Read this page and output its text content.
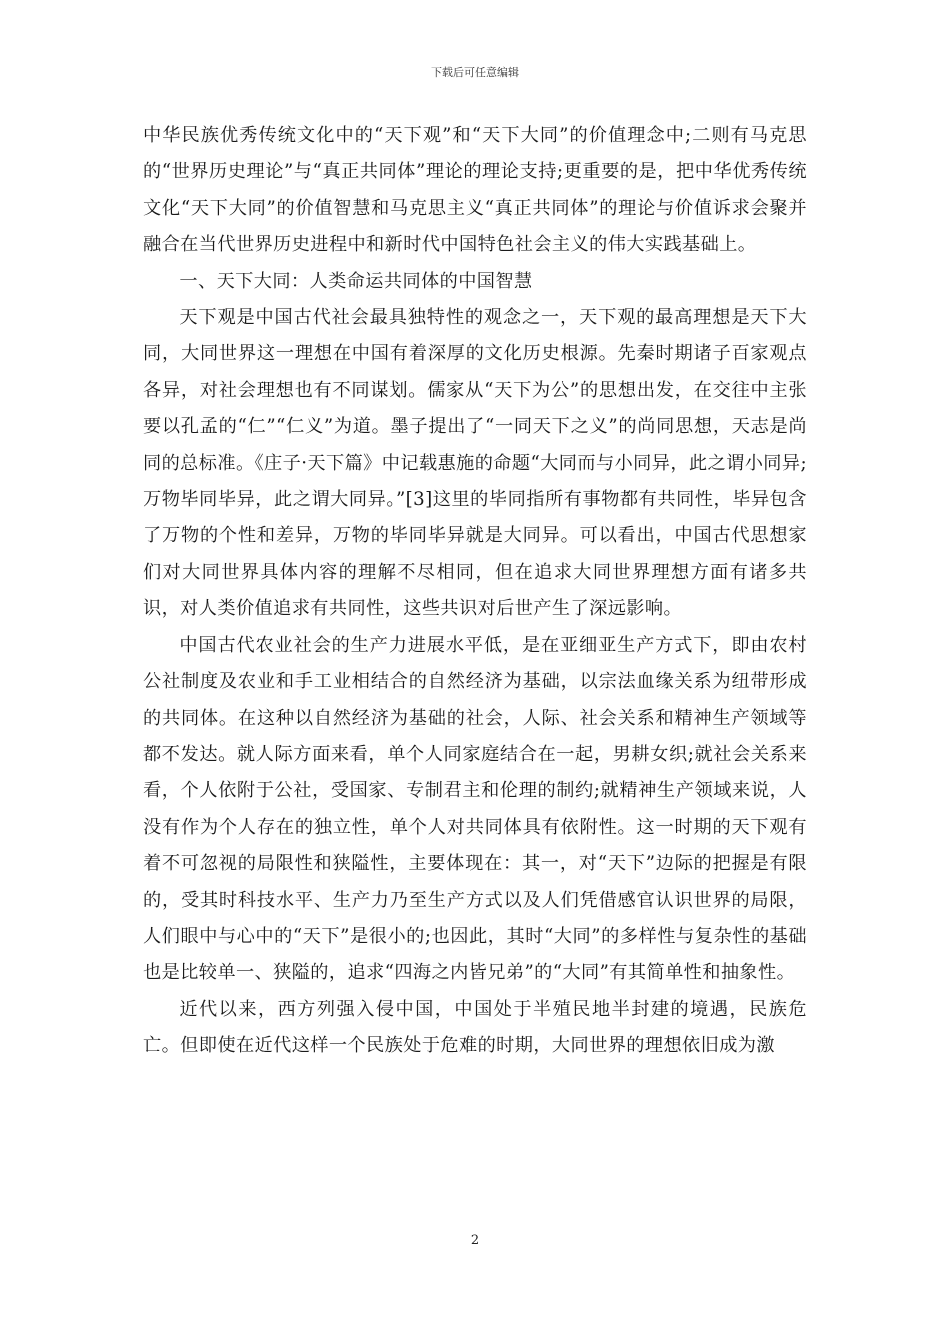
下载后可任意编辑

中华民族优秀传统文化中的“天下观”和“天下大同”的价值理念中;二则有马克思的“世界历史理论”与“真正共同体”理论的理论支持;更重要的是，把中华优秀传统文化“天下大同”的价值智慧和马克思主义“真正共同体”的理论与价值诉求会聚并融合在当代世界历史进程中和新时代中国特色社会主义的伟大实践基础上。

一、天下大同：人类命运共同体的中国智慧

天下观是中国古代社会最具独特性的观念之一，天下观的最高理想是天下大同，大同世界这一理想在中国有着深厚的文化历史根源。先秦时期诸子百家观点各异，对社会理想也有不同谋划。儒家从“天下为公”的思想出发，在交往中主张要以孔孟的“仁”“仁义”为道。墨子提出了“一同天下之义”的尚同思想，天志是尚同的总标准。《庄子·天下篇》中记载惠施的命题“大同而与小同异，此之谓小同异;万物毕同毕异，此之谓大同异。”[3]这里的毕同指所有事物都有共同性，毕异包含了万物的个性和差异，万物的毕同毕异就是大同异。可以看出，中国古代思想家们对大同世界具体内容的理解不尽相同，但在追求大同世界理想方面有诸多共识，对人类价值追求有共同性，这些共识对后世产生了深远影响。

中国古代农业社会的生产力进展水平低，是在亚细亚生产方式下，即由农村公社制度及农业和手工业相结合的自然经济为基础，以宗法血缘关系为纽带形成的共同体。在这种以自然经济为基础的社会，人际、社会关系和精神生产领域等都不发达。就人际方面来看，单个人同家庭结合在一起，男耕女织;就社会关系来看，个人依附于公社，受国家、专制君主和伦理的制约;就精神生产领域来说，人没有作为个人存在的独立性，单个人对共同体具有依附性。这一时期的天下观有着不可忽视的局限性和狭隘性，主要体现在：其一，对“天下”边际的把握是有限的，受其时科技水平、生产力乃至生产方式以及人们凭借感官认识世界的局限，人们眼中与心中的“天下”是很小的;也因此，其时“大同”的多样性与复杂性的基础也是比较单一、狭隘的，追求“四海之内皆兄弟”的“大同”有其简单性和抽象性。

近代以来，西方列强入侵中国，中国处于半殖民地半封建的境遇，民族危亡。但即使在近代这样一个民族处于危难的时期，大同世界的理想依旧成为激

2
